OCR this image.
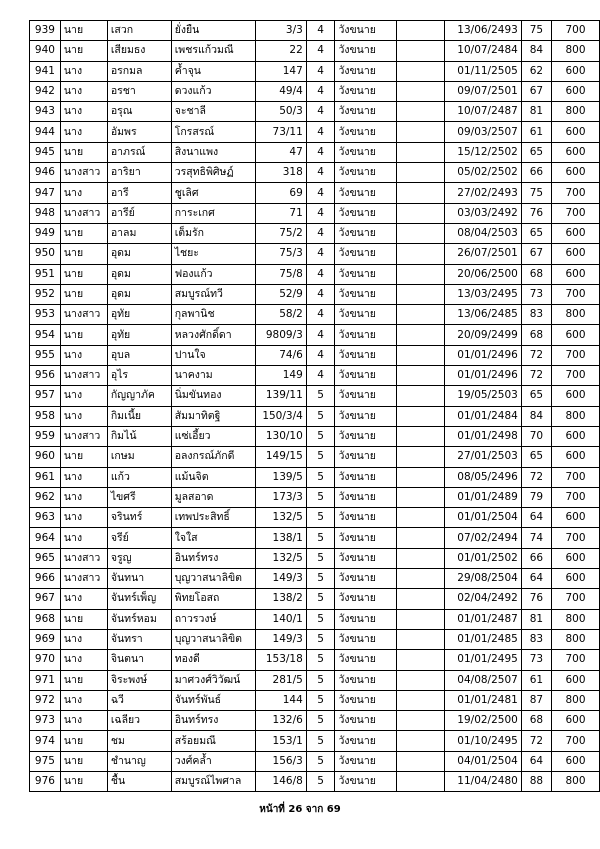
939	นาย	เสวก	ยั่งยืน	3/3	4	วังขนาย		13/06/2493	75	700
940	นาย	เสียมธง	เพชรแก้วมณี	22	4	วังขนาย		10/07/2484	84	800
941	นาง	อรกมล	ค้ำจุน	147	4	วังขนาย		01/11/2505	62	600
942	นาง	อรชา	ดวงแก้ว	49/4	4	วังขนาย		09/07/2501	67	600
943	นาง	อรุณ	จะชาลี	50/3	4	วังขนาย		10/07/2487	81	800
944	นาง	อัมพร	โกรสรณ์	73/11	4	วังขนาย		09/03/2507	61	600
945	นาย	อาภรณ์	สิงนาแพง	47	4	วังขนาย		15/12/2502	65	600
946	นางสาว	อาริยา	วรสุทธิพิศิษฏ์	318	4	วังขนาย		05/02/2502	66	600
947	นาง	อารี	ชูเลิศ	69	4	วังขนาย		27/02/2493	75	700
948	นางสาว	อารีย์	การะเกศ	71	4	วังขนาย		03/03/2492	76	700
949	นาย	อาลม	เต็มรัก	75/2	4	วังขนาย		08/04/2503	65	600
950	นาย	อุดม	ไชยะ	75/3	4	วังขนาย		26/07/2501	67	600
951	นาย	อุดม	ฟองแก้ว	75/8	4	วังขนาย		20/06/2500	68	600
952	นาย	อุดม	สมบูรณ์ทวี	52/9	4	วังขนาย		13/03/2495	73	700
953	นางสาว	อุทัย	กุลพานิช	58/2	4	วังขนาย		13/06/2485	83	800
954	นาย	อุทัย	หลวงศักดิ์ดา	9809/3	4	วังขนาย		20/09/2499	68	600
955	นาง	อุบล	ปานใจ	74/6	4	วังขนาย		01/01/2496	72	700
956	นางสาว	อุไร	นาคงาม	149	4	วังขนาย		01/01/2496	72	700
957	นาง	กัญญาภัค	นิ่มขันทอง	139/11	5	วังขนาย		19/05/2503	65	600
958	นาง	กิมเนี้ย	สัมมาทิตฐิ	150/3/4	5	วังขนาย		01/01/2484	84	800
959	นางสาว	กิมไน้	แซ่เอี้ยว	130/10	5	วังขนาย		01/01/2498	70	600
960	นาย	เกษม	อลงกรณ์ภักดี	149/15	5	วังขนาย		27/01/2503	65	600
961	นาง	แก้ว	แม้นจิต	139/5	5	วังขนาย		08/05/2496	72	700
962	นาง	ไขศรี	มูลสอาด	173/3	5	วังขนาย		01/01/2489	79	700
963	นาง	จรินทร์	เทพประสิทธิ์	132/5	5	วังขนาย		01/01/2504	64	600
964	นาง	จรีย์	ใจใส	138/1	5	วังขนาย		07/02/2494	74	700
965	นางสาว	จรูญ	อินทร์ทรง	132/5	5	วังขนาย		01/01/2502	66	600
966	นางสาว	จันทนา	บุญวาสนาลิขิต	149/3	5	วังขนาย		29/08/2504	64	600
967	นาง	จันทร์เพ็ญ	พิทยโอสถ	138/2	5	วังขนาย		02/04/2492	76	700
968	นาย	จันทร์หอม	ถาวรวงษ์	140/1	5	วังขนาย		01/01/2487	81	800
969	นาง	จันทรา	บุญวาสนาลิขิต	149/3	5	วังขนาย		01/01/2485	83	800
970	นาง	จินตนา	ทองดี	153/18	5	วังขนาย		01/01/2495	73	700
971	นาย	จิระพงษ์	มาศวงศ์วิวัฒน์	281/5	5	วังขนาย		04/08/2507	61	600
972	นาง	ฉวี	จันทร์พันธ์	144	5	วังขนาย		01/01/2481	87	800
973	นาง	เฉลียว	อินทร์ทรง	132/6	5	วังขนาย		19/02/2500	68	600
974	นาย	ชม	สร้อยมณี	153/1	5	วังขนาย		01/10/2495	72	700
975	นาย	ชำนาญ	วงศ์คล้ำ	156/3	5	วังขนาย		04/01/2504	64	600
976	นาย	ชื้น	สมบูรณ์ไพศาล	146/8	5	วังขนาย		11/04/2480	88	800
หน้าที่ 26 จาก 69
